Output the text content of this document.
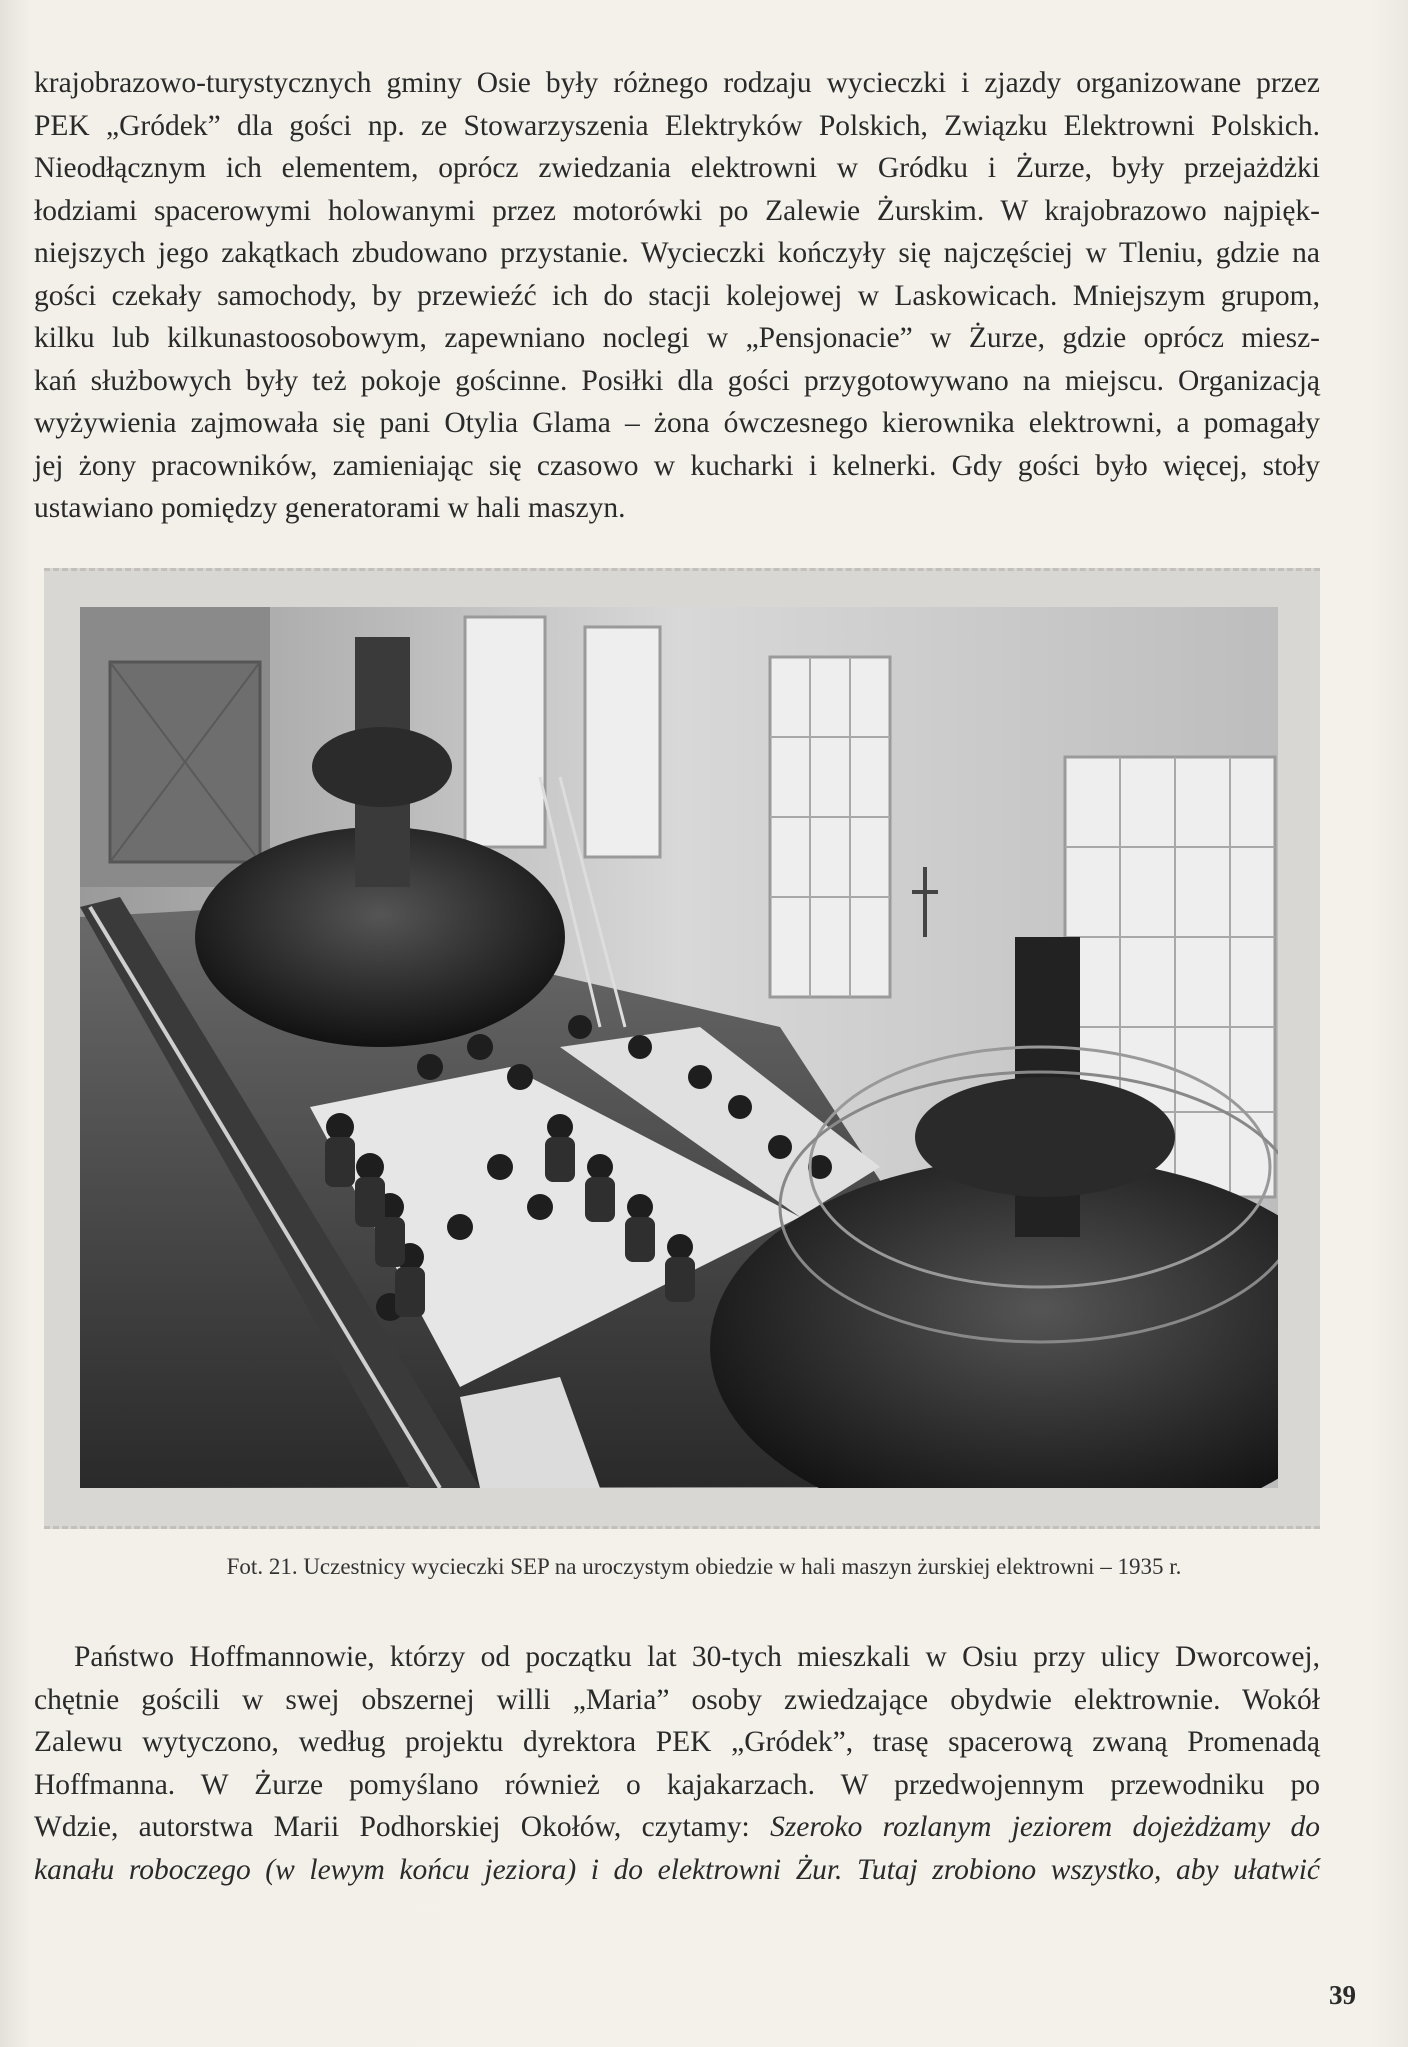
krajobrazowo-turystycznych gminy Osie były różnego rodzaju wycieczki i zjazdy organizowane przez
PEK „Gródek” dla gości np. ze Stowarzyszenia Elektryków Polskich, Związku Elektrowni Polskich.
Nieodłącznym ich elementem, oprócz zwiedzania elektrowni w Gródku i Żurze, były przejażdżki
łodziami spacerowymi holowanymi przez motorówki po Zalewie Żurskim. W krajobrazowo najpięk-
niejszych jego zakątkach zbudowano przystanie. Wycieczki kończyły się najczęściej w Tleniu, gdzie na
gości czekały samochody, by przewieźć ich do stacji kolejowej w Laskowicach. Mniejszym grupom,
kilku lub kilkunastoosobowym, zapewniano noclegi w „Pensjonacie” w Żurze, gdzie oprócz miesz-
kań służbowych były też pokoje gościnne. Posiłki dla gości przygotowywano na miejscu. Organizacją
wyżywienia zajmowała się pani Otylia Glama – żona ówczesnego kierownika elektrowni, a pomagały
jej żony pracowników, zamieniając się czasowo w kucharki i kelnerki. Gdy gości było więcej, stoły
ustawiano pomiędzy generatorami w hali maszyn.

Fot. 21. Uczestnicy wycieczki SEP na uroczystym obiedzie w hali maszyn żurskiej elektrowni – 1935 r.

Państwo Hoffmannowie, którzy od początku lat 30-tych mieszkali w Osiu przy ulicy Dworcowej,
chętnie gościli w swej obszernej willi „Maria” osoby zwiedzające obydwie elektrownie. Wokół
Zalewu wytyczono, według projektu dyrektora PEK „Gródek”, trasę spacerową zwaną Promenadą
Hoffmanna. W Żurze pomyślano również o kajakarzach. W przedwojennym przewodniku po
Wdzie, autorstwa Marii Podhorskiej Okołów, czytamy: Szeroko rozlanym jeziorem dojeżdżamy do
kanału roboczego (w lewym końcu jeziora) i do elektrowni Żur. Tutaj zrobiono wszystko, aby ułatwić

39
